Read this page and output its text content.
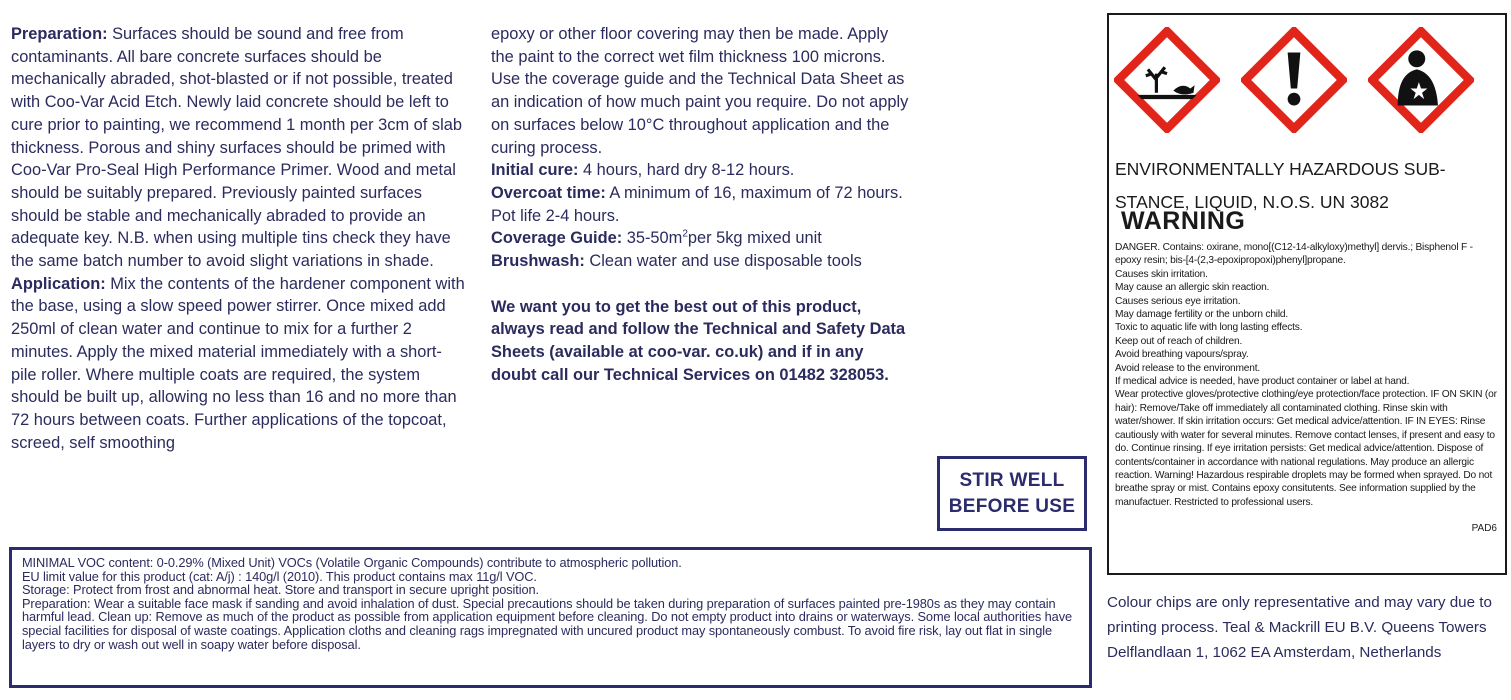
Preparation: Surfaces should be sound and free from contaminants. All bare concrete surfaces should be mechanically abraded, shot-blasted or if not possible, treated with Coo-Var Acid Etch. Newly laid concrete should be left to cure prior to painting, we recommend 1 month per 3cm of slab thickness. Porous and shiny surfaces should be primed with Coo-Var Pro-Seal High Performance Primer. Wood and metal should be suitably prepared. Previously painted surfaces should be stable and mechanically abraded to provide an adequate key. N.B. when using multiple tins check they have the same batch number to avoid slight variations in shade.

Application: Mix the contents of the hardener component with the base, using a slow speed power stirrer. Once mixed add 250ml of clean water and continue to mix for a further 2 minutes. Apply the mixed material immediately with a short-pile roller. Where multiple coats are required, the system should be built up, allowing no less than 16 and no more than 72 hours between coats. Further applications of the topcoat, screed, self smoothing

epoxy or other floor covering may then be made. Apply the paint to the correct wet film thickness 100 microns. Use the coverage guide and the Technical Data Sheet as an indication of how much paint you require. Do not apply on surfaces below 10°C throughout application and the curing process.

Initial cure: 4 hours, hard dry 8-12 hours.

Overcoat time: A minimum of 16, maximum of 72 hours. Pot life 2-4 hours.

Coverage Guide: $35-50m^2per$ 5kg mixed unit

Brushwash: Clean water and use disposable tools

We want you to get the best out of this product, always read and follow the Technical and Safety Data Sheets (available at coo-var. co.uk) and if in any doubt call our Technical Services on 01482 328053.

STIR WELL
BEFORE USE

MINIMAL VOC content: 0-0.29% (Mixed Unit) VOCs (Volatile Organic Compounds) contribute to atmospheric pollution.

EU limit value for this product (cat: A/j) : 140g/l (2010). This product contains max 11g/l VOC.

Storage: Protect from frost and abnormal heat. Store and transport in secure upright position.

Preparation: Wear a suitable face mask if sanding and avoid inhalation of dust. Special precautions should be taken during preparation of surfaces painted pre-1980s as they may contain harmful lead. Clean up: Remove as much of the product as possible from application equipment before cleaning. Do not empty product into drains or waterways. Some local authorities have special facilities for disposal of waste coatings. Application cloths and cleaning rags impregnated with uncured product may spontaneously combust. To avoid fire risk, lay out flat in single layers to dry or wash out well in soapy water before disposal.

ENVIRONMENTALLY HAZARDOUS SUB-STANCE, LIQUID, N.O.S. UN 3082
WARNING

DANGER. Contains: oxirane, mono[(C12-14-alkyloxy)methyl] dervis.; Bisphenol F - epoxy resin; bis-[4-(2,3-epoxipropoxi)phenyl]propane.

Causes skin irritation.

May cause an allergic skin reaction.

Causes serious eye irritation.

May damage fertility or the unborn child.

Toxic to aquatic life with long lasting effects.

Keep out of reach of children.

Avoid breathing vapours/spray.

Avoid release to the environment.

If medical advice is needed, have product container or label at hand.

Wear protective gloves/protective clothing/eye protection/face protection. IF ON SKIN (or hair): Remove/Take off immediately all contaminated clothing. Rinse skin with water/shower. If skin irritation occurs: Get medical advice/attention. IF IN EYES: Rinse cautiously with water for several minutes. Remove contact lenses, if present and easy to do. Continue rinsing. If eye irritation persists: Get medical advice/attention. Dispose of contents/container in accordance with national regulations. May produce an allergic reaction. Warning! Hazardous respirable droplets may be formed when sprayed. Do not breathe spray or mist. Contains epoxy consitutents. See information supplied by the manufactuer. Restricted to professional users.

PAD6

Colour chips are only representative and may vary due to

printing process. Teal & Mackrill EU B.V. Queens Towers

Delflandlaan 1, 1062 EA Amsterdam, Netherlands
